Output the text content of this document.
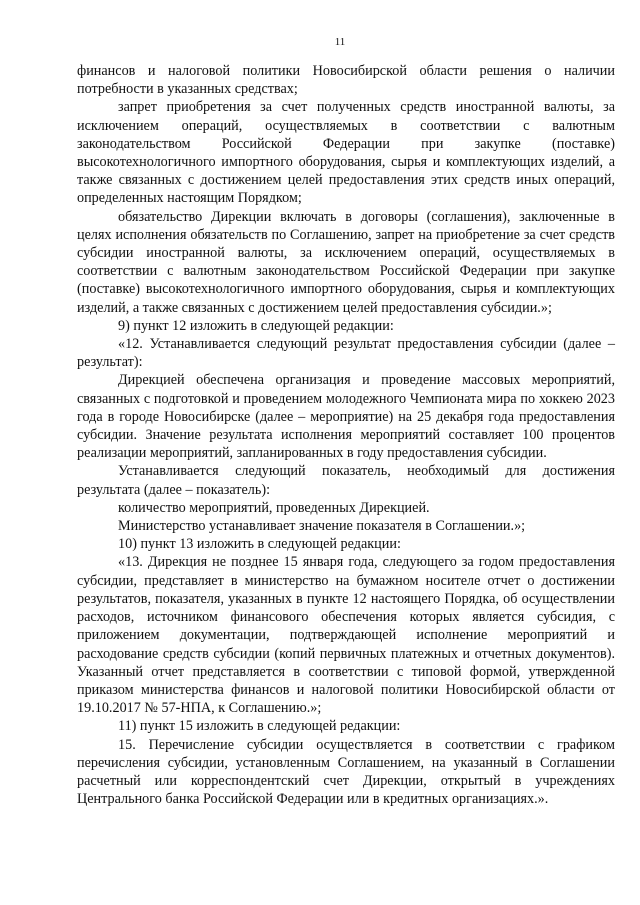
11

финансов и налоговой политики Новосибирской области решения о наличии потребности в указанных средствах;

запрет приобретения за счет полученных средств иностранной валюты, за исключением операций, осуществляемых в соответствии с валютным законодательством Российской Федерации при закупке (поставке) высокотехнологичного импортного оборудования, сырья и комплектующих изделий, а также связанных с достижением целей предоставления этих средств иных операций, определенных настоящим Порядком;

обязательство Дирекции включать в договоры (соглашения), заключенные в целях исполнения обязательств по Соглашению, запрет на приобретение за счет средств субсидии иностранной валюты, за исключением операций, осуществляемых в соответствии с валютным законодательством Российской Федерации при закупке (поставке) высокотехнологичного импортного оборудования, сырья и комплектующих изделий, а также связанных с достижением целей предоставления субсидии.»;

9) пункт 12 изложить в следующей редакции:

«12. Устанавливается следующий результат предоставления субсидии (далее – результат):

Дирекцией обеспечена организация и проведение массовых мероприятий, связанных с подготовкой и проведением молодежного Чемпионата мира по хоккею 2023 года в городе Новосибирске (далее – мероприятие) на 25 декабря года предоставления субсидии. Значение результата исполнения мероприятий составляет 100 процентов реализации мероприятий, запланированных в году предоставления субсидии.

Устанавливается следующий показатель, необходимый для достижения результата (далее – показатель):

количество мероприятий, проведенных Дирекцией.

Министерство устанавливает значение показателя в Соглашении.»;

10) пункт 13 изложить в следующей редакции:

«13. Дирекция не позднее 15 января года, следующего за годом предоставления субсидии, представляет в министерство на бумажном носителе отчет о достижении результатов, показателя, указанных в пункте 12 настоящего Порядка, об осуществлении расходов, источником финансового обеспечения которых является субсидия, с приложением документации, подтверждающей исполнение мероприятий и расходование средств субсидии (копий первичных платежных и отчетных документов). Указанный отчет представляется в соответствии с типовой формой, утвержденной приказом министерства финансов и налоговой политики Новосибирской области от 19.10.2017 № 57-НПА, к Соглашению.»;

11) пункт 15 изложить в следующей редакции:

15. Перечисление субсидии осуществляется в соответствии с графиком перечисления субсидии, установленным Соглашением, на указанный в Соглашении расчетный или корреспондентский счет Дирекции, открытый в учреждениях Центрального банка Российской Федерации или в кредитных организациях.».
